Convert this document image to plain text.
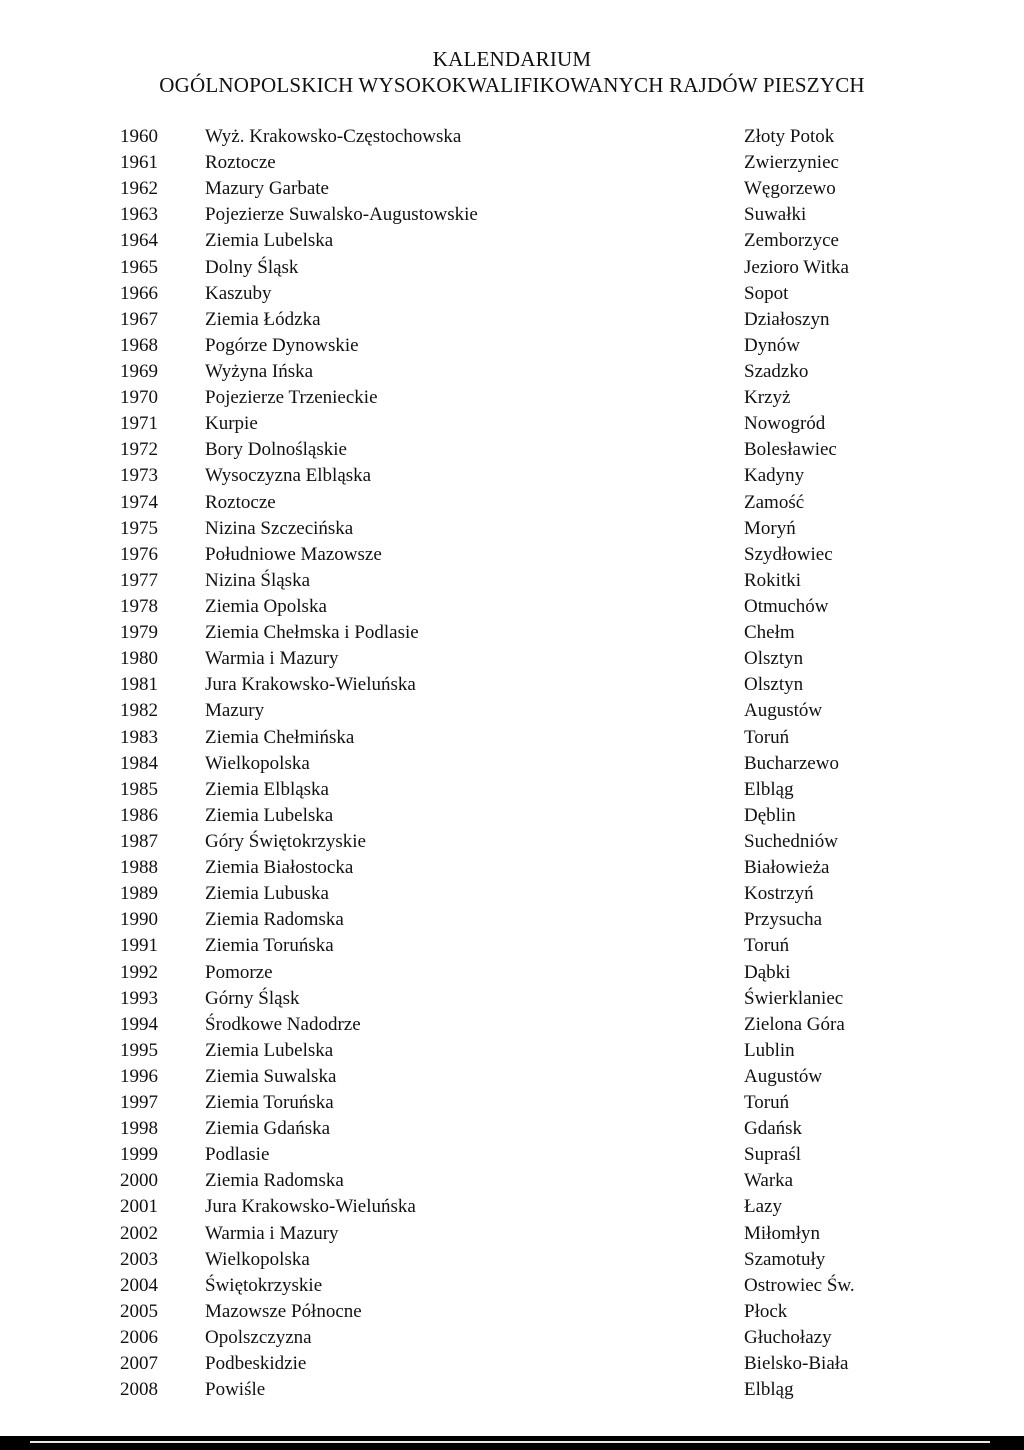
KALENDARIUM
OGÓLNOPOLSKICH WYSOKOKWALIFIKOWANYCH RAJDÓW PIESZYCH
1960	Wyż. Krakowsko-Częstochowska	Złoty Potok
1961	Roztocze	Zwierzyniec
1962	Mazury Garbate	Węgorzewo
1963	Pojezierze Suwalsko-Augustowskie	Suwałki
1964	Ziemia Lubelska	Zemborzyce
1965	Dolny Śląsk	Jezioro Witka
1966	Kaszuby	Sopot
1967	Ziemia Łódzka	Działoszyn
1968	Pogórze Dynowskie	Dynów
1969	Wyżyna Ińska	Szadzko
1970	Pojezierze Trzenieckie	Krzyż
1971	Kurpie	Nowogród
1972	Bory Dolnośląskie	Bolesławiec
1973	Wysoczyzna Elbląska	Kadyny
1974	Roztocze	Zamość
1975	Nizina Szczecińska	Moryń
1976	Południowe Mazowsze	Szydłowiec
1977	Nizina Śląska	Rokitki
1978	Ziemia Opolska	Otmuchów
1979	Ziemia Chełmska i Podlasie	Chełm
1980	Warmia i Mazury	Olsztyn
1981	Jura Krakowsko-Wieluńska	Olsztyn
1982	Mazury	Augustów
1983	Ziemia Chełmińska	Toruń
1984	Wielkopolska	Bucharzewo
1985	Ziemia Elbląska	Elbląg
1986	Ziemia Lubelska	Dęblin
1987	Góry Świętokrzyskie	Suchedniów
1988	Ziemia Białostocka	Białowieża
1989	Ziemia Lubuska	Kostrzyń
1990	Ziemia Radomska	Przysucha
1991	Ziemia Toruńska	Toruń
1992	Pomorze	Dąbki
1993	Górny Śląsk	Świerklaniec
1994	Środkowe Nadodrze	Zielona Góra
1995	Ziemia Lubelska	Lublin
1996	Ziemia Suwalska	Augustów
1997	Ziemia Toruńska	Toruń
1998	Ziemia Gdańska	Gdańsk
1999	Podlasie	Supraśl
2000	Ziemia Radomska	Warka
2001	Jura Krakowsko-Wieluńska	Łazy
2002	Warmia i Mazury	Miłomłyn
2003	Wielkopolska	Szamotuły
2004	Świętokrzyskie	Ostrowiec Św.
2005	Mazowsze Północne	Płock
2006	Opolszczyzna	Głuchołazy
2007	Podbeskidzie	Bielsko-Biała
2008	Powiśle	Elbląg
